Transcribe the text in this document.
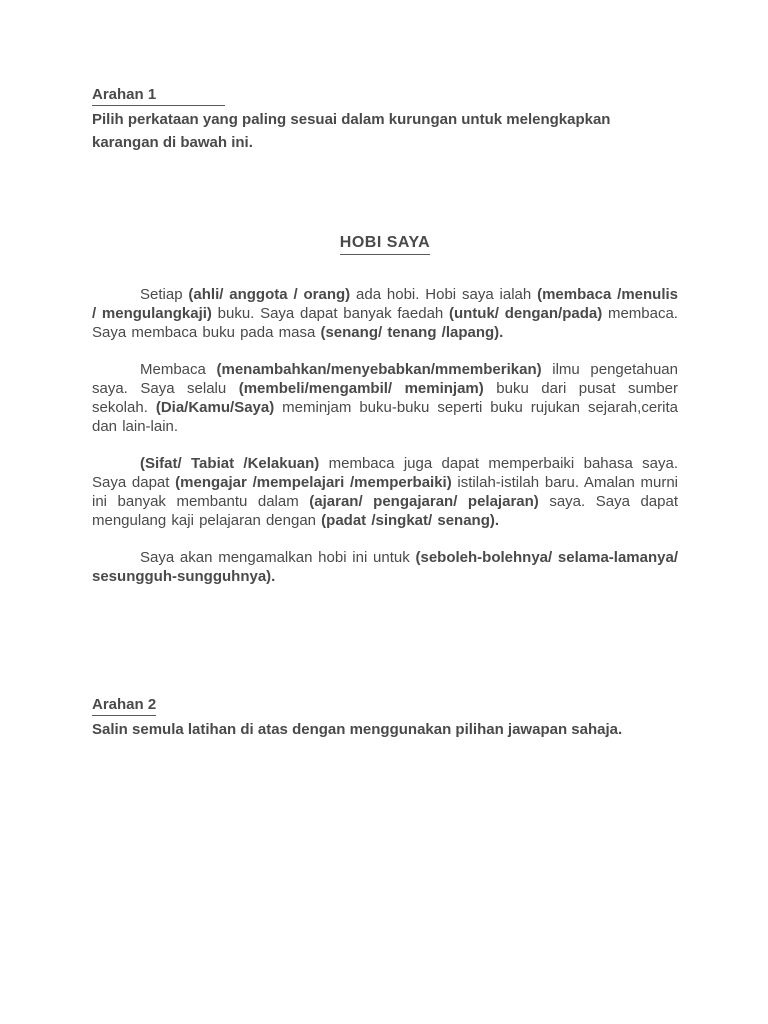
Arahan 1
Pilih perkataan yang paling sesuai dalam kurungan untuk melengkapkan karangan di bawah ini.
HOBI SAYA

Setiap (ahli/ anggota / orang) ada hobi. Hobi saya ialah (membaca /menulis / mengulangkaji) buku. Saya dapat banyak faedah (untuk/ dengan/pada) membaca. Saya membaca buku pada masa (senang/ tenang /lapang).

Membaca (menambahkan/menyebabkan/mmemberikan) ilmu pengetahuan saya. Saya selalu (membeli/mengambil/ meminjam) buku dari pusat sumber sekolah. (Dia/Kamu/Saya) meminjam buku-buku seperti buku rujukan sejarah,cerita dan lain-lain.

(Sifat/ Tabiat /Kelakuan) membaca juga dapat memperbaiki bahasa saya. Saya dapat (mengajar /mempelajari /memperbaiki) istilah-istilah baru. Amalan murni ini banyak membantu dalam (ajaran/ pengajaran/ pelajaran) saya. Saya dapat mengulang kaji pelajaran dengan (padat /singkat/ senang).

Saya akan mengamalkan hobi ini untuk (seboleh-bolehnya/ selama-lamanya/ sesungguh-sungguhnya).

Arahan 2
Salin semula latihan di atas dengan menggunakan pilihan jawapan sahaja.
